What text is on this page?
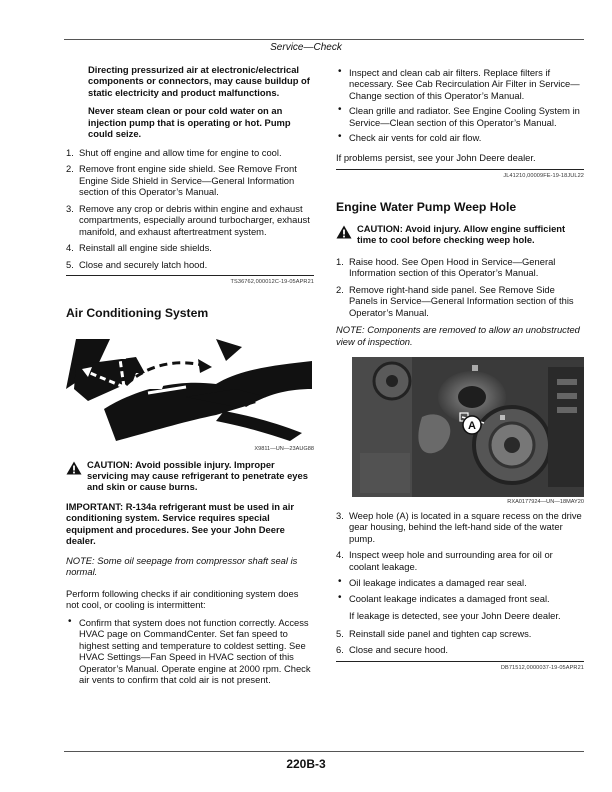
Service—Check

Directing pressurized air at electronic/electrical components or connectors, may cause buildup of static electricity and product malfunctions.

Never steam clean or pour cold water on an injection pump that is operating or hot. Pump could seize.

1. Shut off engine and allow time for engine to cool.
2. Remove front engine side shield. See Remove Front Engine Side Shield in Service—General Information section of this Operator’s Manual.
3. Remove any crop or debris within engine and exhaust compartments, especially around turbocharger, exhaust manifold, and exhaust aftertreatment system.
4. Reinstall all engine side shields.
5. Close and securely latch hood.
TS36762,000012C-19-05APR21
Air Conditioning System
X9811—UN—23AUG88
CAUTION: Avoid possible injury. Improper servicing may cause refrigerant to penetrate eyes and skin or cause burns.

IMPORTANT: R-134a refrigerant must be used in air conditioning system. Service requires special equipment and procedures. See your John Deere dealer.

NOTE: Some oil seepage from compressor shaft seal is normal.

Perform following checks if air conditioning system does not cool, or cooling is intermittent:

• Confirm that system does not function correctly. Access HVAC page on CommandCenter. Set fan speed to highest setting and temperature to coldest setting. See HVAC Settings—Fan Speed in HVAC section of this Operator’s Manual. Operate engine at 2000 rpm. Check air vents to confirm that cold air is not present.
• Inspect and clean cab air filters. Replace filters if necessary. See Cab Recirculation Air Filter in Service—Change section of this Operator’s Manual.
• Clean grille and radiator. See Engine Cooling System in Service—Clean section of this Operator’s Manual.
• Check air vents for cold air flow.

If problems persist, see your John Deere dealer.

JL41210,00009FE-19-18JUL22
Engine Water Pump Weep Hole
CAUTION: Avoid injury. Allow engine sufficient time to cool before checking weep hole.
1. Raise hood. See Open Hood in Service—General Information section of this Operator’s Manual.
2. Remove right-hand side panel. See Remove Side Panels in Service—General Information section of this Operator’s Manual.

NOTE: Components are removed to allow an unobstructed view of inspection.

A
RXA0177924—UN—18MAY20
3. Weep hole (A) is located in a square recess on the drive gear housing, behind the left-hand side of the water pump.
4. Inspect weep hole and surrounding area for oil or coolant leakage.
• Oil leakage indicates a damaged rear seal.
• Coolant leakage indicates a damaged front seal.

If leakage is detected, see your John Deere dealer.

5. Reinstall side panel and tighten cap screws.
6. Close and secure hood.
DB71512,0000037-19-05APR21
220B-3
